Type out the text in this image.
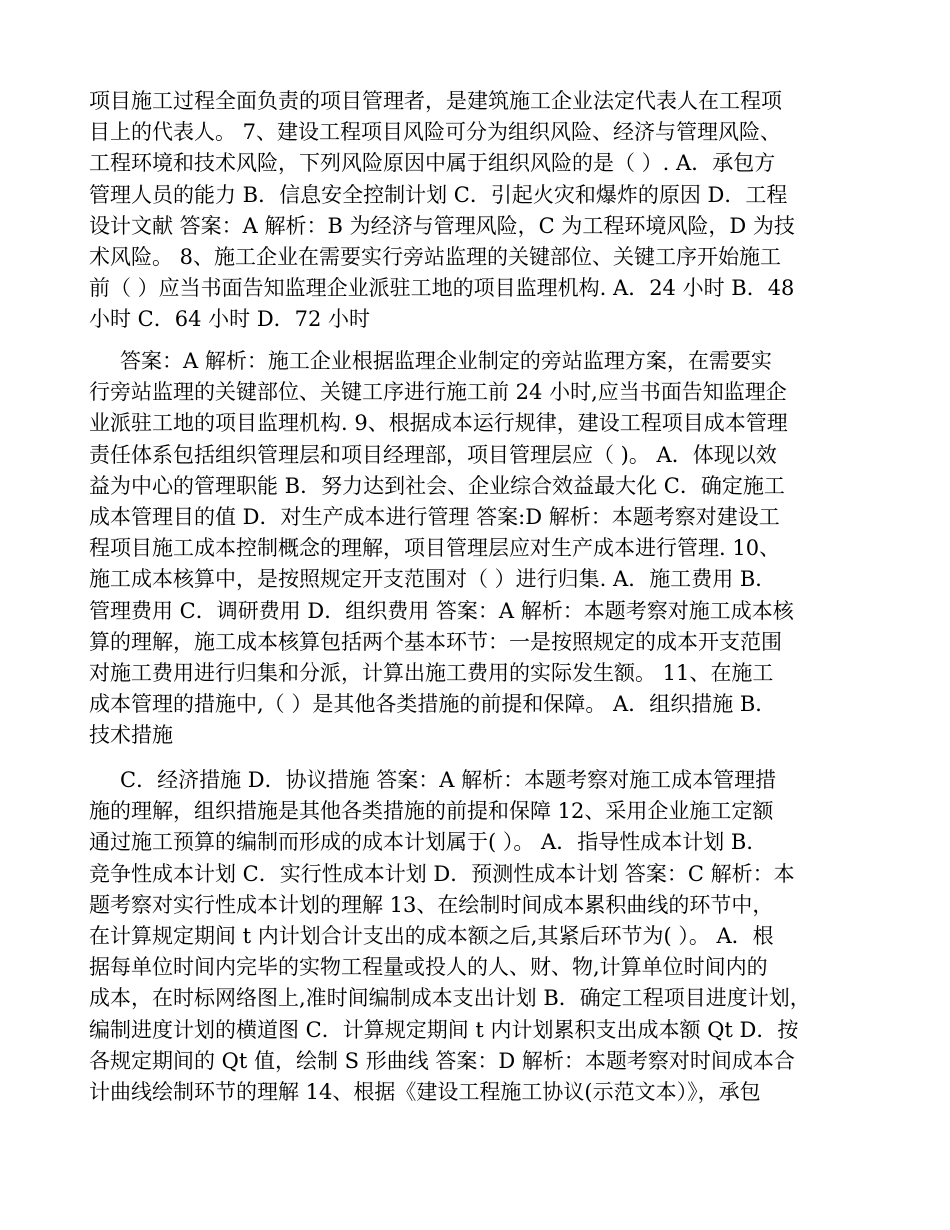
项目施工过程全面负责的项目管理者，是建筑施工企业法定代表人在工程项
目上的代表人。 7、建设工程项目风险可分为组织风险、经济与管理风险、
工程环境和技术风险，下列风险原因中属于组织风险的是（ ）. A．承包方
管理人员的能力 B．信息安全控制计划 C．引起火灾和爆炸的原因 D．工程
设计文献 答案：A 解析：B 为经济与管理风险，C 为工程环境风险，D 为技
术风险。 8、施工企业在需要实行旁站监理的关键部位、关键工序开始施工
前（ ）应当书面告知监理企业派驻工地的项目监理机构. A．24 小时 B．48
小时 C．64 小时 D．72 小时
答案：A 解析：施工企业根据监理企业制定的旁站监理方案，在需要实
行旁站监理的关键部位、关键工序进行施工前 24 小时,应当书面告知监理企
业派驻工地的项目监理机构. 9、根据成本运行规律，建设工程项目成本管理
责任体系包括组织管理层和项目经理部，项目管理层应（ )。 A．体现以效
益为中心的管理职能 B．努力达到社会、企业综合效益最大化 C．确定施工
成本管理目的值 D．对生产成本进行管理 答案:D 解析：本题考察对建设工
程项目施工成本控制概念的理解，项目管理层应对生产成本进行管理. 10、
施工成本核算中，是按照规定开支范围对（ ）进行归集. A．施工费用 B．
管理费用 C．调研费用 D．组织费用 答案：A 解析：本题考察对施工成本核
算的理解，施工成本核算包括两个基本环节：一是按照规定的成本开支范围
对施工费用进行归集和分派，计算出施工费用的实际发生额。 11、在施工
成本管理的措施中,（ ）是其他各类措施的前提和保障。 A．组织措施 B．
技术措施
C．经济措施 D．协议措施 答案：A 解析：本题考察对施工成本管理措
施的理解，组织措施是其他各类措施的前提和保障 12、采用企业施工定额
通过施工预算的编制而形成的成本计划属于( ）。 A．指导性成本计划 B．
竞争性成本计划 C．实行性成本计划 D．预测性成本计划 答案：C 解析：本
题考察对实行性成本计划的理解 13、在绘制时间成本累积曲线的环节中，
在计算规定期间 t 内计划合计支出的成本额之后,其紧后环节为( ）。 A．根
据每单位时间内完毕的实物工程量或投人的人、财、物,计算单位时间内的
成本，在时标网络图上,准时间编制成本支出计划 B．确定工程项目进度计划，
编制进度计划的横道图 C．计算规定期间 t 内计划累积支出成本额 Qt D．按
各规定期间的 Qt 值，绘制 S 形曲线 答案：D 解析：本题考察对时间成本合
计曲线绘制环节的理解 14、根据《建设工程施工协议(示范文本）》，承包
